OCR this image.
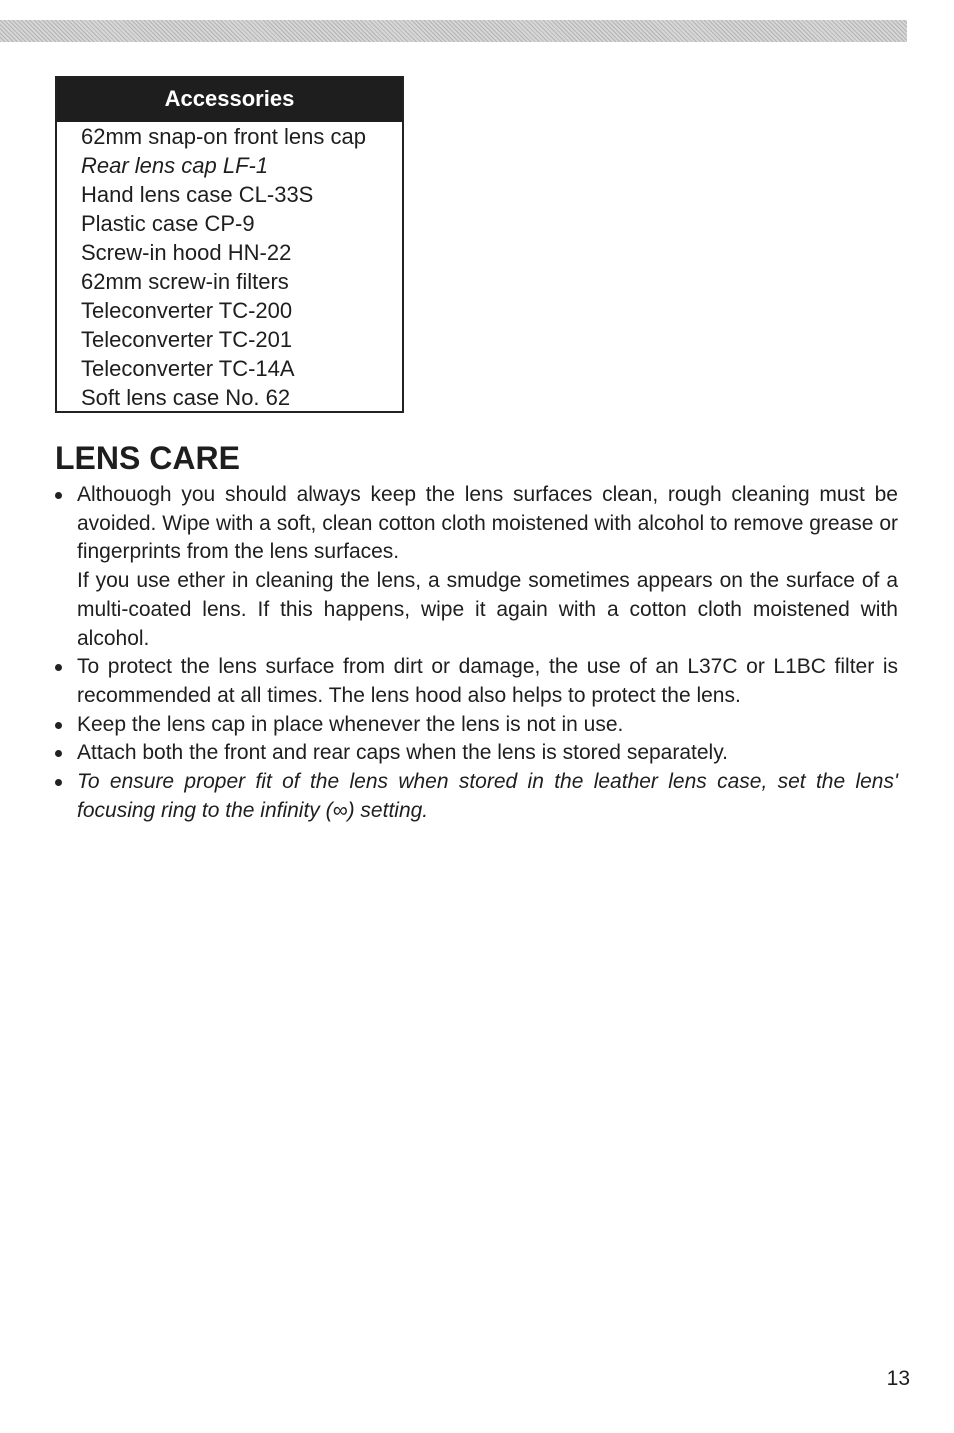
Accessories
62mm snap-on front lens cap
Rear lens cap LF-1
Hand lens case CL-33S
Plastic case CP-9
Screw-in hood HN-22
62mm screw-in filters
Teleconverter TC-200
Teleconverter TC-201
Teleconverter TC-14A
Soft lens case No. 62
LENS CARE

Althouogh you should always keep the lens surfaces clean, rough cleaning must be avoided. Wipe with a soft, clean cotton cloth moistened with alcohol to remove grease or fingerprints from the lens surfaces.

If you use ether in cleaning the lens, a smudge sometimes appears on the surface of a multi-coated lens. If this happens, wipe it again with a cotton cloth moistened with alcohol.

To protect the lens surface from dirt or damage, the use of an L37C or L1BC filter is recommended at all times. The lens hood also helps to protect the lens.
Keep the lens cap in place whenever the lens is not in use.
Attach both the front and rear caps when the lens is stored separately.
To ensure proper fit of the lens when stored in the leather lens case, set the lens' focusing ring to the infinity (∞) setting.
13
